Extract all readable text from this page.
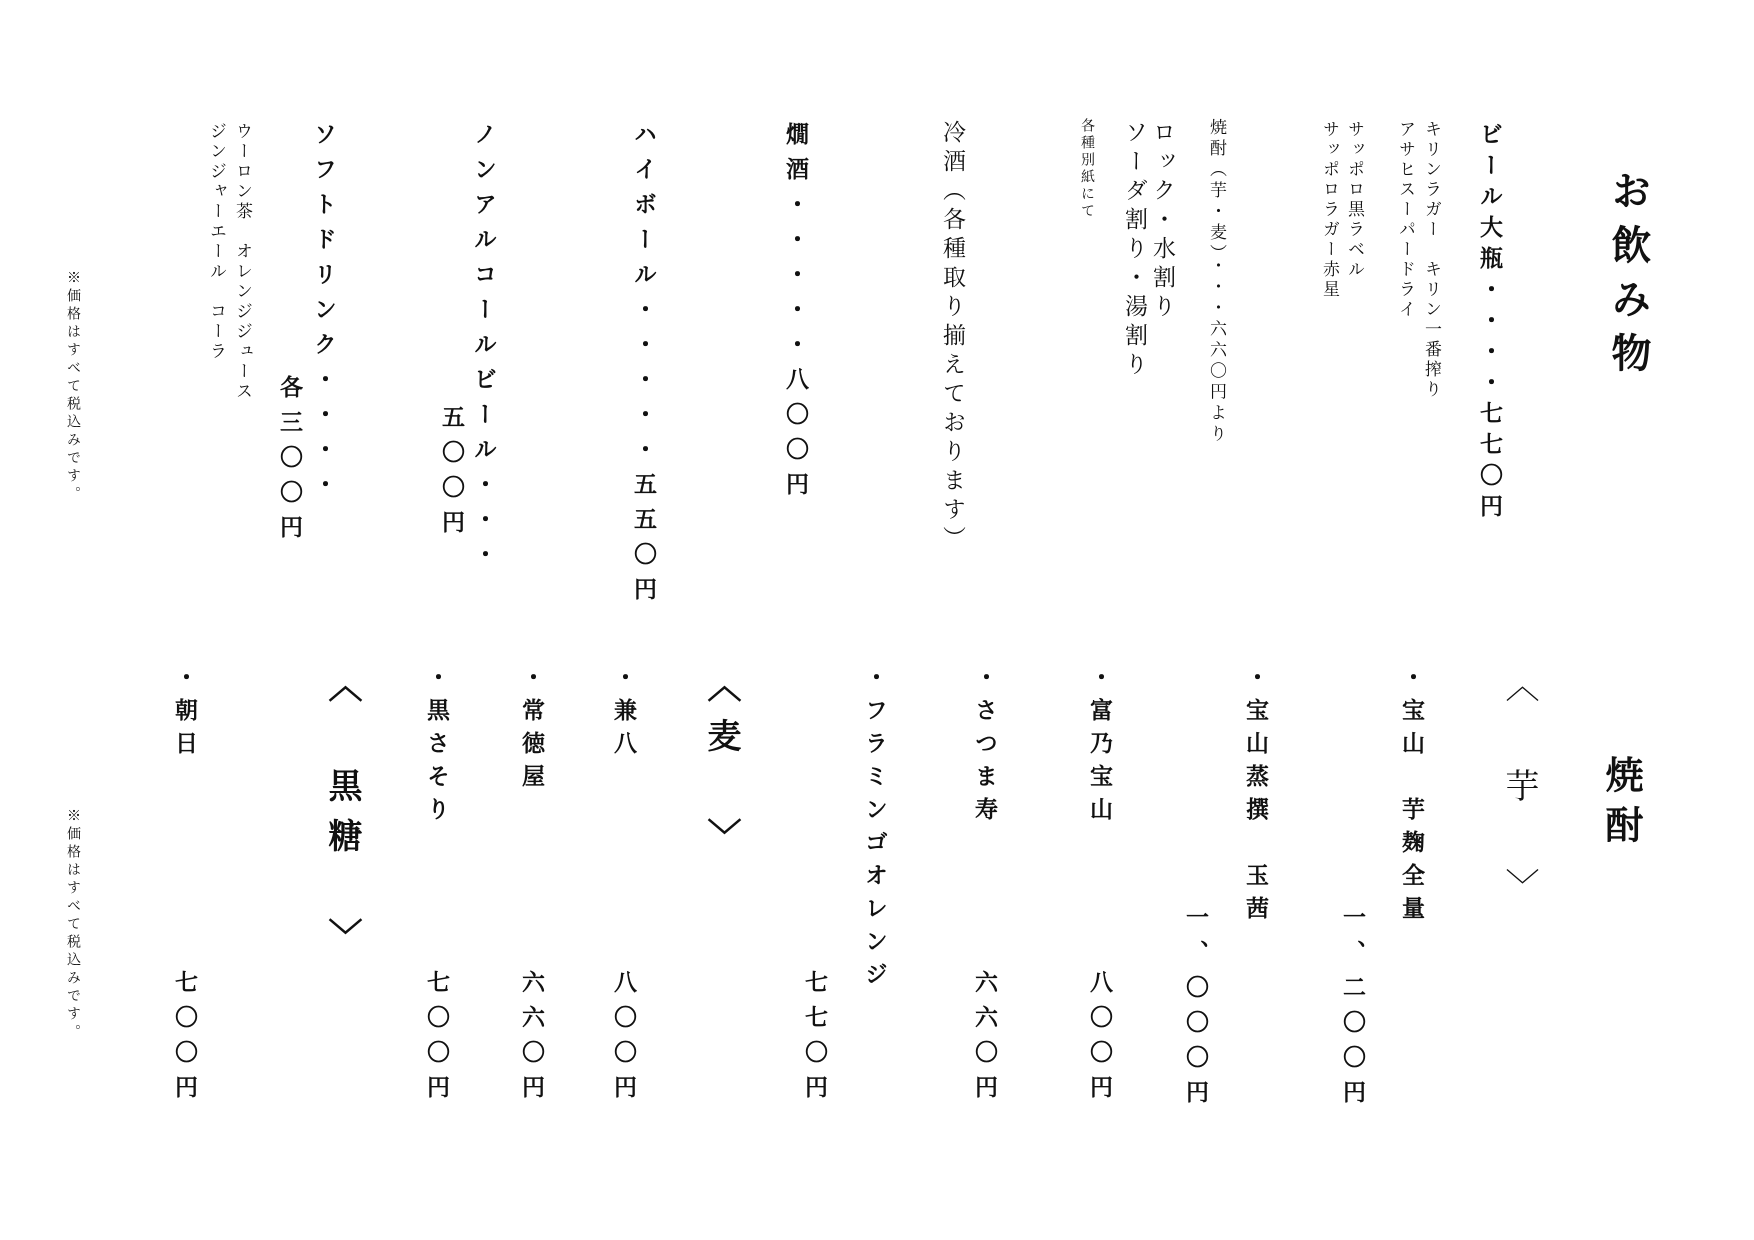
お飲み物
ビール大瓶・・・・七七〇円
キリンラガー　キリン一番搾り
アサヒスーパードライ
サッポロ黒ラベル
サッポロラガー赤星
焼酎（芋・麦）・・・六六〇円より
ロック・水割り
ソーダ割り・湯割り
各種別紙にて
冷酒（各種取り揃えております）
燗酒・・・・・八〇〇円
ハイボール・・・・・五五〇円
ノンアルコールビール・・・
五〇〇円
ソフトドリンク・・・・
各三〇〇円
ウーロン茶　オレンジジュース
ジンジャーエール　コーラ
※価格はすべて税込みです。
焼酎
〈　芋　〉
・宝山　芋麹全量
一、二〇〇円
・宝山蒸撰　玉茜
一、〇〇〇円
・富乃宝山
八〇〇円
・さつま寿
六六〇円
・フラミンゴオレンジ
七七〇円
〈麦　〉
・兼八
八〇〇円
・常徳屋
六六〇円
・黒さそり
七〇〇円
〈　黒糖　〉
・朝日
七〇〇円
※価格はすべて税込みです。
